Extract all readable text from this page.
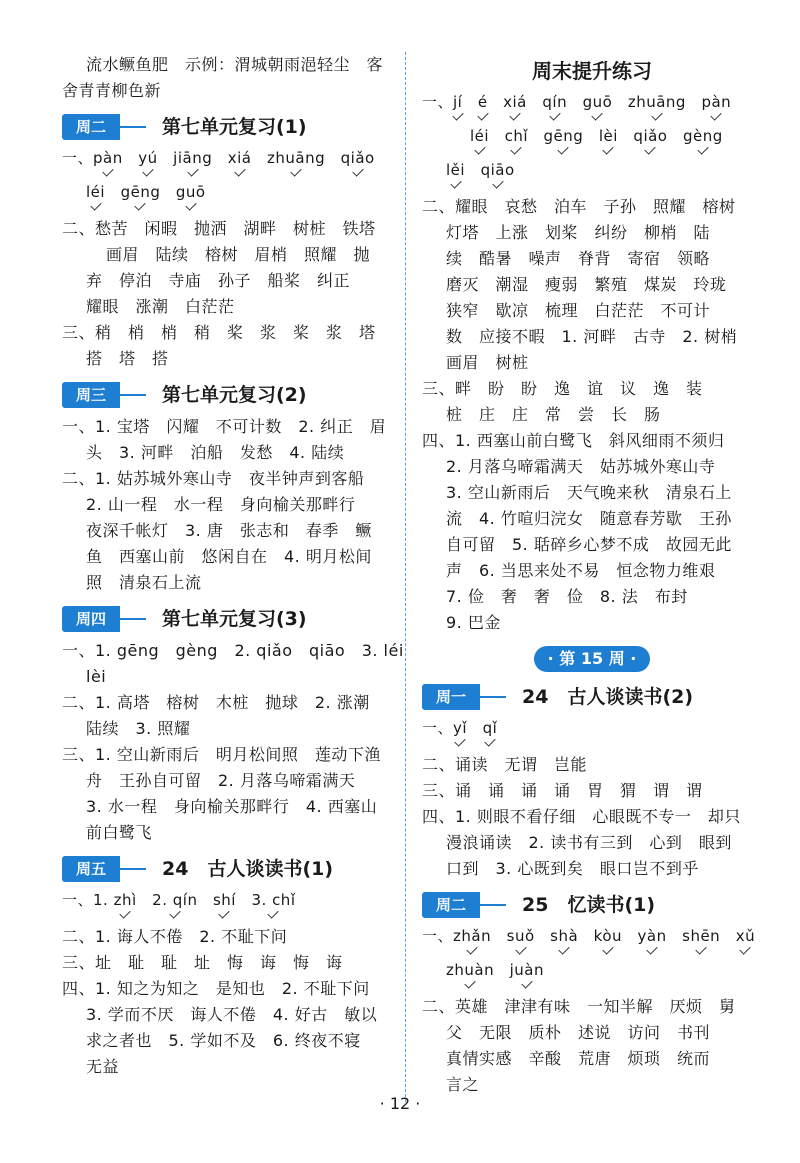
流水鳜鱼肥　示例：渭城朝雨浥轻尘　客

舍青青柳色新

周二	第七单元复习(1)

一、pàn　 yú　 jiāng　 xiá　 zhuāng　 qiǎo

léi　 gēng　 guō

二、愁苦　闲暇　抛洒　湖畔　树桩　铁塔

画眉　陆续　榕树　眉梢　照耀　抛

弃　停泊　寺庙　孙子　船桨　纠正

耀眼　涨潮　白茫茫

三、稍　梢　梢　稍　桨　浆　桨　浆　塔

搭　塔　搭

周三	第七单元复习(2)

一、1. 宝塔　闪耀　不可计数　2. 纠正　眉

头　3. 河畔　泊船　发愁　4. 陆续

二、1. 姑苏城外寒山寺　夜半钟声到客船

2. 山一程　水一程　身向榆关那畔行

夜深千帐灯　3. 唐　张志和　春季　鳜

鱼　西塞山前　悠闲自在　4. 明月松间

照　清泉石上流

周四	第七单元复习(3)

一、1. gēng　gèng　2. qiǎo　qiāo　3. léi

lèi

二、1. 高塔　榕树　木桩　抛球　2. 涨潮

陆续　3. 照耀

三、1. 空山新雨后　明月松间照　莲动下渔

舟　王孙自可留　2. 月落乌啼霜满天

3. 水一程　身向榆关那畔行　4. 西塞山

前白鹭飞

周五	24　古人谈读书(1)

一、1. zhì　 2. qín　 shí　 3. chǐ

二、1. 诲人不倦　2. 不耻下问

三、址　耻　耻　址　悔　诲　悔　诲

四、1. 知之为知之　是知也　2. 不耻下问

3. 学而不厌　诲人不倦　4. 好古　敏以

求之者也　5. 学如不及　6. 终夜不寝

无益

周末提升练习

一、jí　 é　 xiá　 qín　 guō　 zhuāng　 pàn

léi　 chǐ　 gēng　 lèi　 qiǎo　 gèng

lěi　 qiāo

二、耀眼　哀愁　泊车　子孙　照耀　榕树

灯塔　上涨　划桨　纠纷　柳梢　陆

续　酷暑　噪声　脊背　寄宿　领略

磨灭　潮湿　瘦弱　繁殖　煤炭　玲珑

狭窄　歇凉　梳理　白茫茫　不可计

数　应接不暇　1. 河畔　古寺　2. 树梢

画眉　树桩

三、畔　盼　盼　逸　谊　议　逸　装

桩　庄　庄　常　尝　长　肠

四、1. 西塞山前白鹭飞　斜风细雨不须归

2. 月落乌啼霜满天　姑苏城外寒山寺

3. 空山新雨后　天气晚来秋　清泉石上

流　4. 竹喧归浣女　随意春芳歇　王孙

自可留　5. 聒碎乡心梦不成　故园无此

声　6. 当思来处不易　恒念物力维艰

7. 俭　奢　奢　俭　8. 法　布封

9. 巴金

· 第 15 周 ·
周一	24　古人谈读书(2)

一、yǐ　 qǐ

二、诵读　无谓　岂能

三、诵　诵　诵　诵　胃　猬　谓　谓

四、1. 则眼不看仔细　心眼既不专一　却只

漫浪诵读　2. 读书有三到　心到　眼到

口到　3. 心既到矣　眼口岂不到乎

周二	25　忆读书(1)

一、zhǎn　 suǒ　 shà　 kòu　 yàn　 shēn　 xǔ

zhuàn　 juàn

二、英雄　津津有味　一知半解　厌烦　舅

父　无限　质朴　述说　访问　书刊

真情实感　辛酸　荒唐　烦琐　统而

言之

· 12 ·
